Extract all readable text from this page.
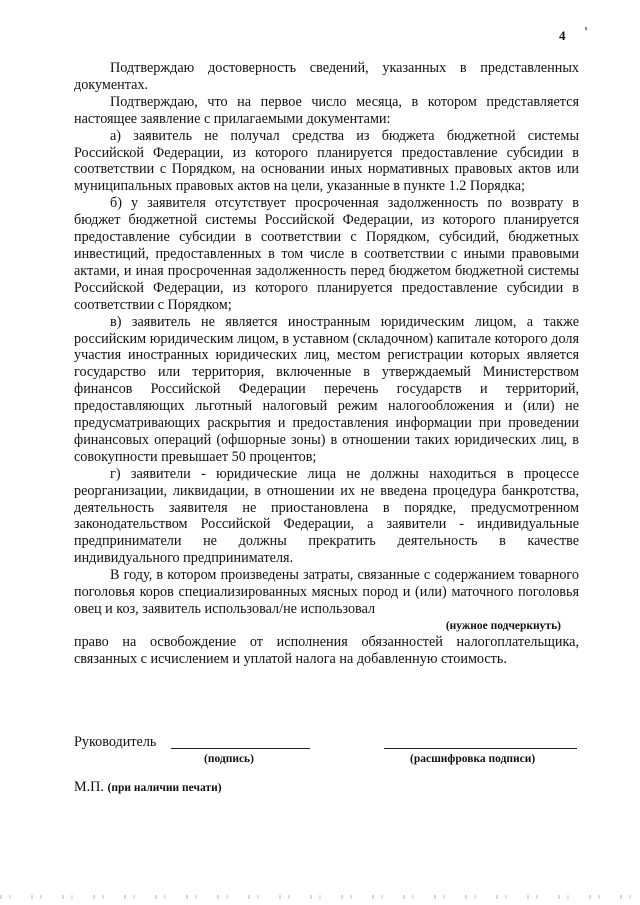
4

Подтверждаю достоверность сведений, указанных в представленных документах.

Подтверждаю, что на первое число месяца, в котором представляется настоящее заявление с прилагаемыми документами:

а) заявитель не получал средства из бюджета бюджетной системы Российской Федерации, из которого планируется предоставление субсидии в соответствии с Порядком, на основании иных нормативных правовых актов или муниципальных правовых актов на цели, указанные в пункте 1.2 Порядка;

б) у заявителя отсутствует просроченная задолженность по возврату в бюджет бюджетной системы Российской Федерации, из которого планируется предоставление субсидии в соответствии с Порядком, субсидий, бюджетных инвестиций, предоставленных в том числе в соответствии с иными правовыми актами, и иная просроченная задолженность перед бюджетом бюджетной системы Российской Федерации, из которого планируется предоставление субсидии в соответствии с Порядком;

в) заявитель не является иностранным юридическим лицом, а также российским юридическим лицом, в уставном (складочном) капитале которого доля участия иностранных юридических лиц, местом регистрации которых является государство или территория, включенные в утверждаемый Министерством финансов Российской Федерации перечень государств и территорий, предоставляющих льготный налоговый режим налогообложения и (или) не предусматривающих раскрытия и предоставления информации при проведении финансовых операций (офшорные зоны) в отношении таких юридических лиц, в совокупности превышает 50 процентов;

г) заявители - юридические лица не должны находиться в процессе реорганизации, ликвидации, в отношении их не введена процедура банкротства, деятельность заявителя не приостановлена в порядке, предусмотренном законодательством Российской Федерации, а заявители - индивидуальные предприниматели не должны прекратить деятельность в качестве индивидуального предпринимателя.

В году, в котором произведены затраты, связанные с содержанием товарного поголовья коров специализированных мясных пород и (или) маточного поголовья овец и коз, заявитель использовал/не использовал

(нужное подчеркнуть)

право на освобождение от исполнения обязанностей налогоплательщика, связанных с исчислением и уплатой налога на добавленную стоимость.

Руководитель
(подпись)	(расшифровка подписи)
М.П. (при наличии печати)
